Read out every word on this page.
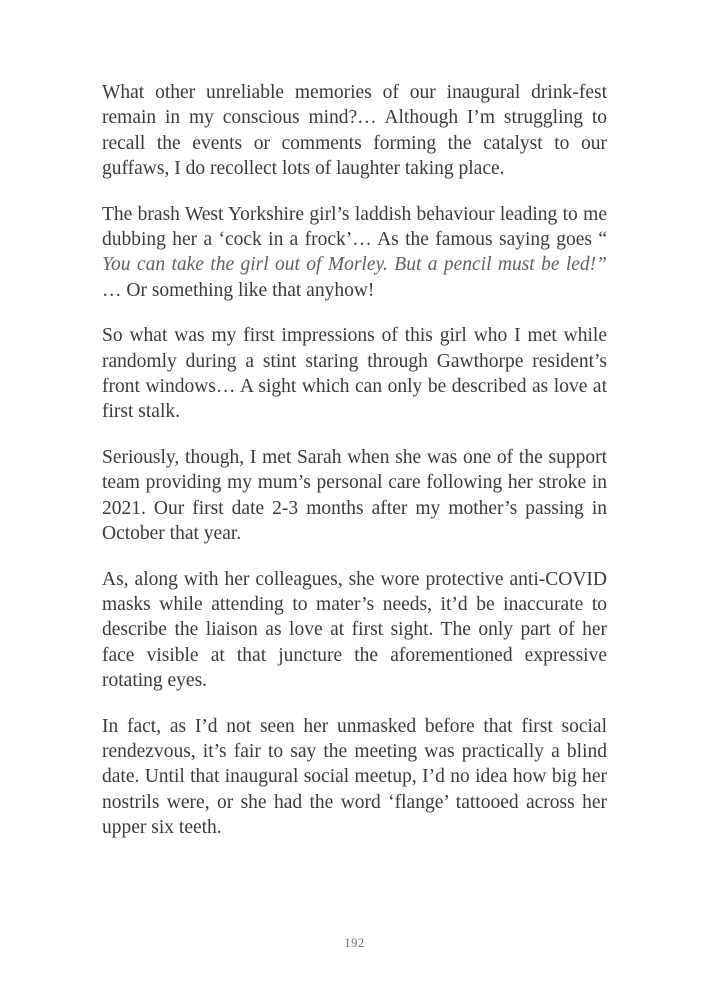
What other unreliable memories of our inaugural drink-fest remain in my conscious mind?… Although I’m struggling to recall the events or comments forming the catalyst to our guffaws, I do recollect lots of laughter taking place.

The brash West Yorkshire girl’s laddish behaviour leading to me dubbing her a ‘cock in a frock’… As the famous saying goes “ You can take the girl out of Morley. But a pencil must be led!” … Or something like that anyhow!

So what was my first impressions of this girl who I met while randomly during a stint staring through Gawthorpe resident’s front windows… A sight which can only be described as love at first stalk.

Seriously, though, I met Sarah when she was one of the support team providing my mum’s personal care following her stroke in 2021. Our first date 2-3 months after my mother’s passing in October that year.

As, along with her colleagues, she wore protective anti-COVID masks while attending to mater’s needs, it’d be inaccurate to describe the liaison as love at first sight. The only part of her face visible at that juncture the aforementioned expressive rotating eyes.

In fact, as I’d not seen her unmasked before that first social rendezvous, it’s fair to say the meeting was practically a blind date. Until that inaugural social meetup, I’d no idea how big her nostrils were, or she had the word ‘flange’ tattooed across her upper six teeth.

192
